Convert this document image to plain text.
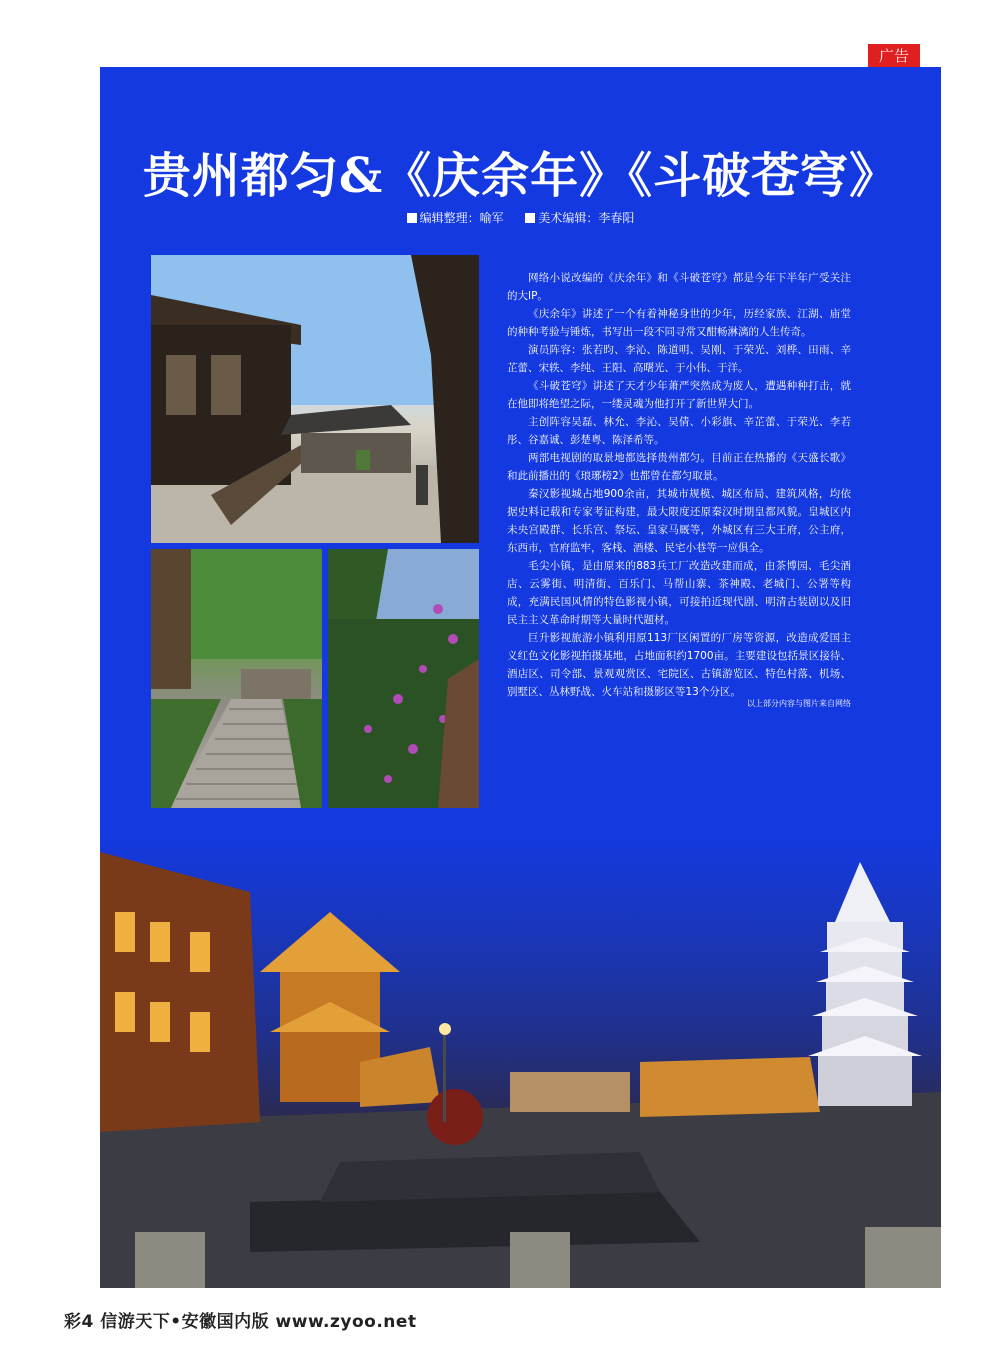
广告
贵州都匀&《庆余年》《斗破苍穹》
编辑整理：喻军	美术编辑：李春阳

网络小说改编的《庆余年》和《斗破苍穹》都是今年下半年广受关注的大IP。

《庆余年》讲述了一个有着神秘身世的少年，历经家族、江湖、庙堂的种种考验与锤炼，书写出一段不同寻常又酣畅淋漓的人生传奇。

演员阵容：张若昀、李沁、陈道明、吴刚、于荣光、刘桦、田雨、辛芷蕾、宋轶、李纯、王阳、高曙光、于小伟、于洋。

《斗破苍穹》讲述了天才少年萧严突然成为废人，遭遇种种打击，就在他即将绝望之际，一缕灵魂为他打开了新世界大门。

主创阵容吴磊、林允、李沁、吴倩、小彩旗、辛芷蕾、于荣光、李若彤、谷嘉诚、彭楚粤、陈泽希等。

两部电视剧的取景地都选择贵州都匀。目前正在热播的《天盛长歌》和此前播出的《琅琊榜2》也都曾在都匀取景。

秦汉影视城占地900余亩，其城市规模、城区布局、建筑风格，均依据史料记载和专家考证构建，最大限度还原秦汉时期皇都风貌。皇城区内未央宫殿群、长乐宫、祭坛、皇家马厩等，外城区有三大王府，公主府，东西市，官府监牢，客栈、酒楼、民宅小巷等一应俱全。

毛尖小镇，是由原来的883兵工厂改造改建而成，由茶博园、毛尖酒店、云雾街、明清街、百乐门、马帮山寨、茶神殿、老城门、公署等构成，充满民国风情的特色影视小镇，可接拍近现代剧、明清古装剧以及旧民主主义革命时期等大量时代题材。

巨升影视旅游小镇利用原113厂区闲置的厂房等资源，改造成爱国主义红色文化影视拍摄基地，占地面积约1700亩。主要建设包括景区接待、酒店区、司令部、景观观赏区、宅院区、古镇游览区、特色村落、机场、别墅区、丛林野战、火车站和摄影区等13个分区。

以上部分内容与图片来自网络
The World TRAVELER | 3
彩4 信游天下•安徽国内版 www.zyoo.net
